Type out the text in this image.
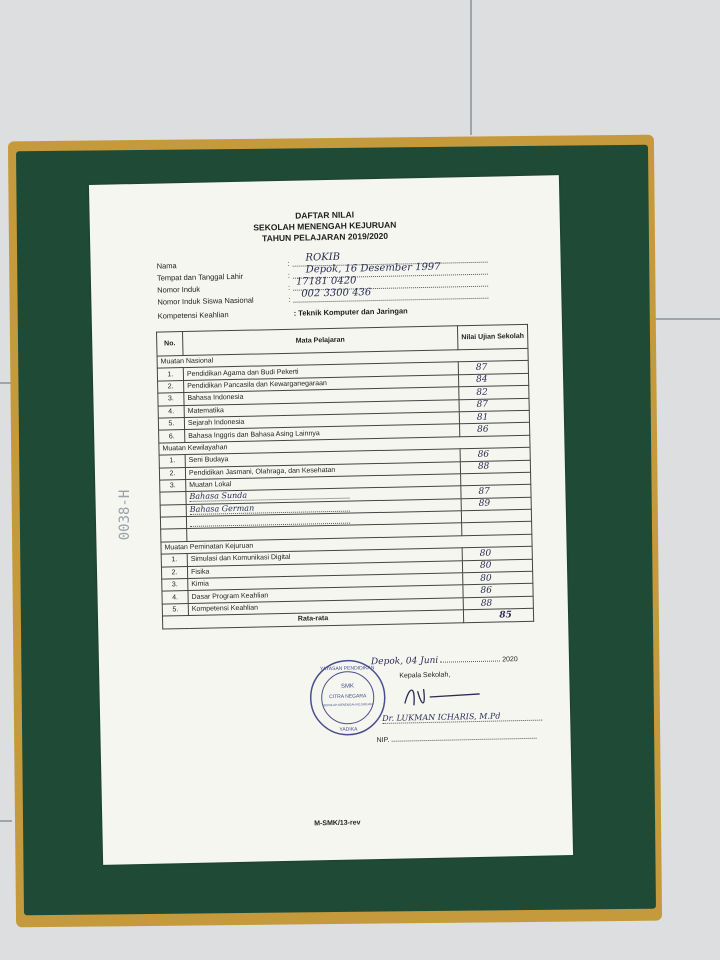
DAFTAR NILAI
SEKOLAH MENENGAH KEJURUAN
TAHUN PELAJARAN 2019/2020
Nama	: ROKIB
Tempat dan Tanggal Lahir	: Depok, 16 Desember 1997
Nomor Induk	: 17181 0420
Nomor Induk Siswa Nasional	: 002 3300 436
Kompetensi Keahlian	: Teknik Komputer dan Jaringan
No.	Mata Pelajaran	Nilai Ujian Sekolah
Muatan Nasional		
1.	Pendidikan Agama dan Budi Pekerti	87
2.	Pendidikan Pancasila dan Kewarganegaraan	84
3.	Bahasa Indonesia	82
4.	Matematika	87
5.	Sejarah Indonesia	81
6.	Bahasa Inggris dan Bahasa Asing Lainnya	86
Muatan Kewilayahan		
1.	Seni Budaya	86
2.	Pendidikan Jasmani, Olahraga, dan Kesehatan	88
3.	Muatan Lokal	
	Bahasa Sunda	87
	Bahasa German	89

Muatan Peminatan Kejuruan		
1.	Simulasi dan Komunikasi Digital	80
2.	Fisika	80
3.	Kimia	80
4.	Dasar Program Keahlian	86
5.	Kompetensi Keahlian	88
Rata-rata		85
Depok, 04 Juni	2020
Kepala Sekolah,
SMK
CITRA NEGARA
SEKOLAH MENENGAH KEJURUAN
YAYASAN PENDIDIKAN
YADIKA
Dr. LUKMAN ICHARIS, M.Pd
NIP.
M-SMK/13-rev
0038-H
